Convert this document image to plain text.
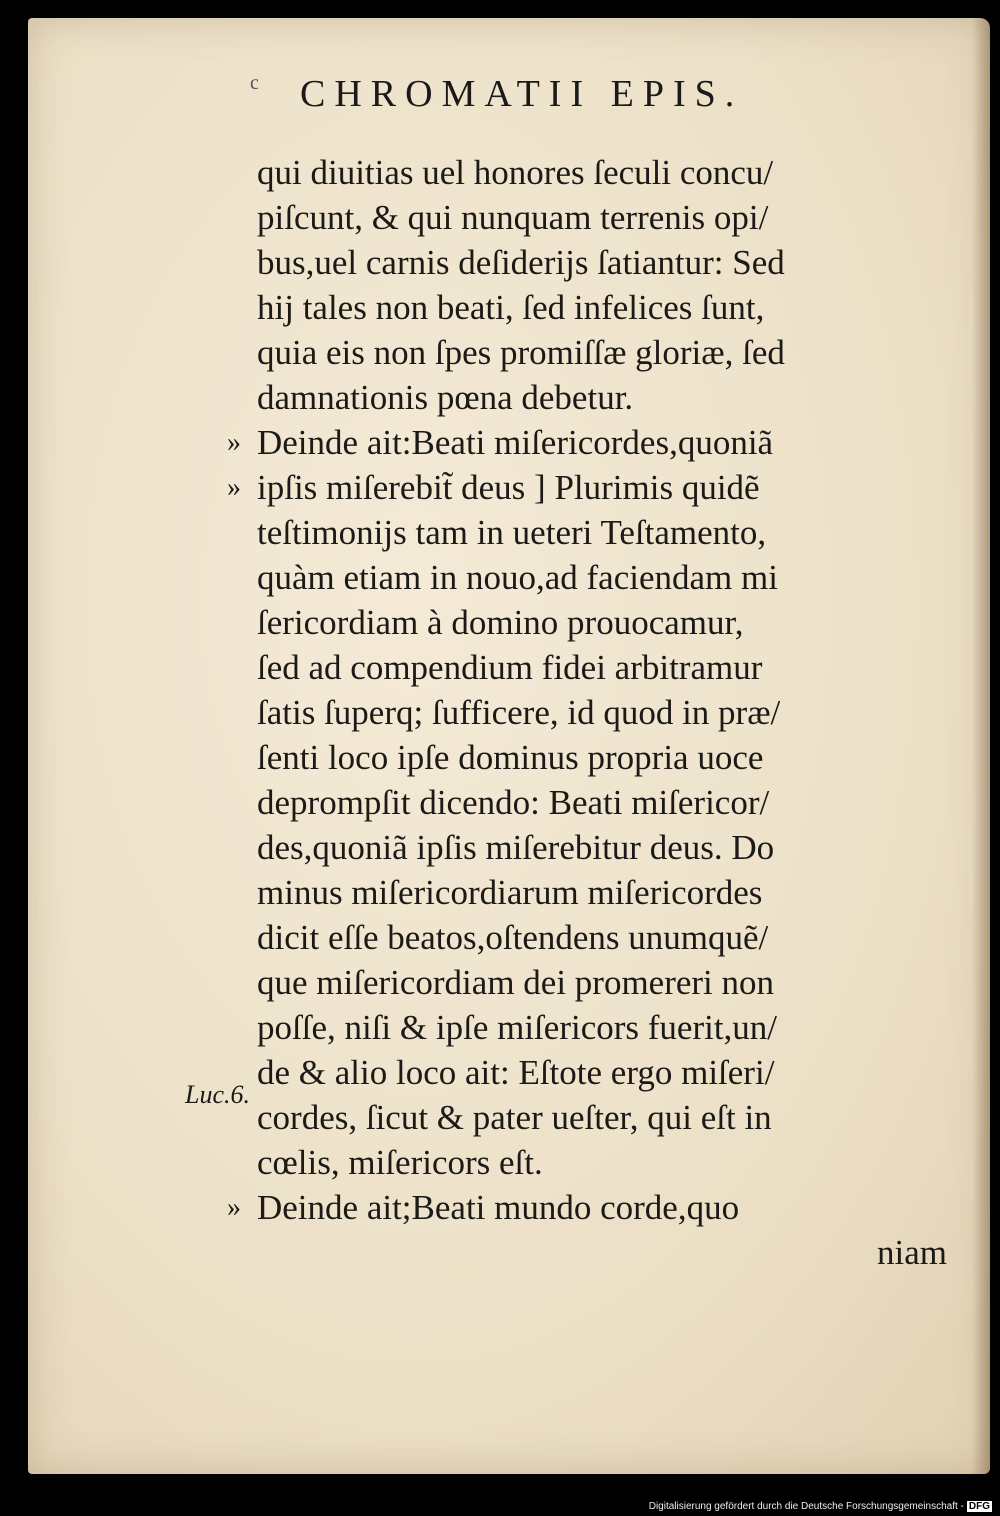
c CHROMATII EPIS.
qui diuitias uel honores ſeculi concu/
piſcunt, & qui nunquam terrenis opi/
bus,uel carnis deſiderijs ſatiantur: Sed
hij tales non beati, ſed infelices ſunt,
quia eis non ſpes promiſſæ gloriæ, ſed
damnationis pœna debetur.
» Deinde ait:Beati miſericordes,quoniã
» ipſis miſerebit̃ deus ] Plurimis quidẽ
teſtimonijs tam in ueteri Teſtamento,
quàm etiam in nouo,ad faciendam mi
ſericordiam à domino prouocamur,
ſed ad compendium fidei arbitramur
ſatis ſuperq; ſufficere, id quod in præ/
ſenti loco ipſe dominus propria uoce
deprompſit dicendo: Beati miſericor/
des,quoniã ipſis miſerebitur deus. Do
minus miſericordiarum miſericordes
dicit eſſe beatos,oſtendens unumquẽ/
que miſericordiam dei promereri non
poſſe, niſi & ipſe miſericors fuerit,un/
de & alio loco ait: Eſtote ergo miſeri/
cordes, ſicut & pater ueſter, qui eſt in
cœlis, miſericors eſt.
» Deinde ait;Beati mundo corde,quo
niam
Luc.6.
Digitalisierung gefördert durch die Deutsche Forschungsgemeinschaft - DFG
